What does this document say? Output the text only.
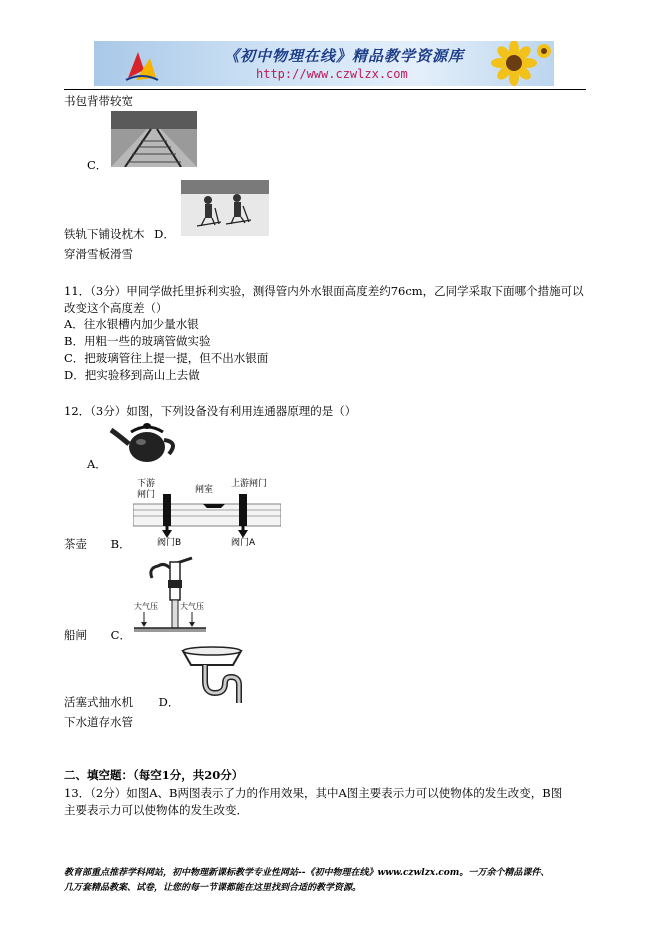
《初中物理在线》精品教学资源库
http://www.czwlzx.com
书包背带较宽
C．
铁轨下铺设枕木 D．
穿滑雪板滑雪
11．（3分）甲同学做托里拆利实验，测得管内外水银面高度差约76cm，乙同学采取下面哪个措施可以
改变这个高度差（）
A．往水银槽内加少量水银
B．用粗一些的玻璃管做实验
C．把玻璃管往上提一提，但不出水银面
D．把实验移到高山上去做
12．（3分）如图，下列设备没有利用连通器原理的是（）
A．
下游
闸门	闸室
上游闸门
阀门B	阀门A
茶壶 B．
大气压	大气压
船闸 C．
活塞式抽水机 D．
下水道存水管
二、填空题：（每空1分，共20分）
13．（2分）如图A、B两图表示了力的作用效果，其中A图主要表示力可以使物体的发生改变，B图
主要表示力可以使物体的发生改变．
教育部重点推荐学科网站，初中物理新课标教学专业性网站--《初中物理在线》www.czwlzx.com。一万余个精品课件、
几万套精品教案、试卷，让您的每一节课都能在这里找到合适的教学资源。
